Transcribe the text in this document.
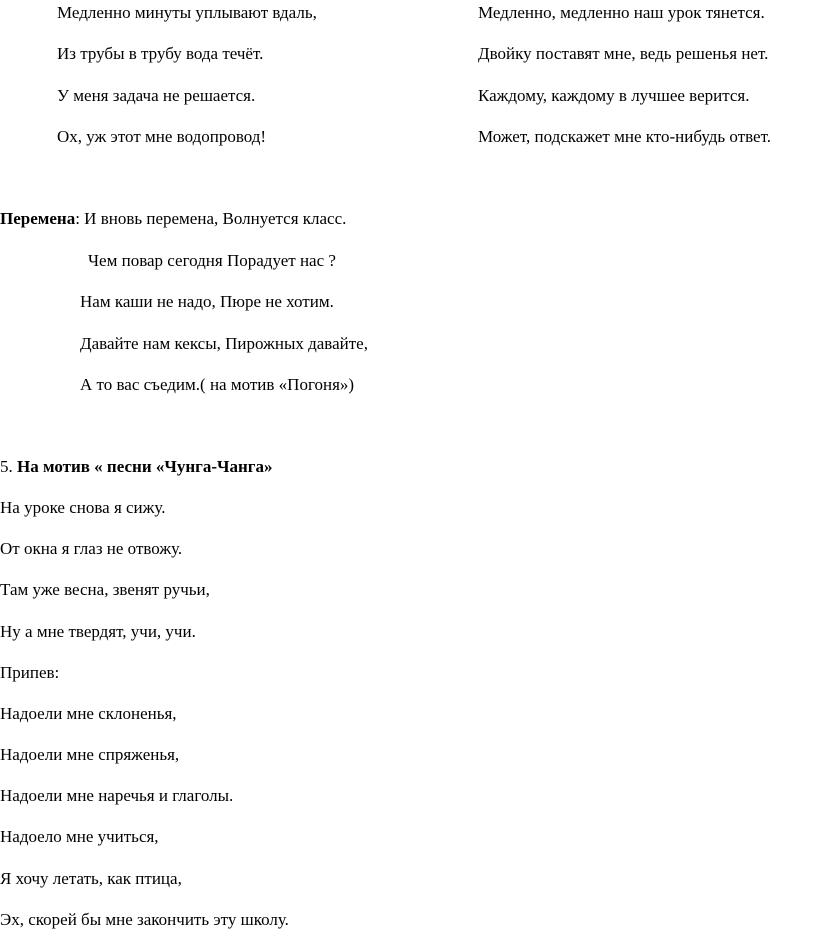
Медленно минуты уплывают вдаль,
Из трубы в трубу вода течёт.
У меня задача не решается.
Ох, уж этот мне водопровод!
Медленно, медленно наш урок тянется.
Двойку поставят мне, ведь решенья нет.
Каждому, каждому в лучшее верится.
Может, подскажет мне кто-нибудь ответ.
Перемена: И вновь перемена, Волнуется класс.
Чем повар сегодня Порадует нас ?
Нам каши не надо, Пюре не хотим.
Давайте нам кексы, Пирожных давайте,
А то вас съедим.( на мотив «Погоня»)
5. На мотив « песни «Чунга-Чанга»
На уроке снова я сижу.
От окна я глаз не отвожу.
Там уже весна, звенят ручьи,
Ну а мне твердят, учи, учи.
Припев:
Надоели мне склоненья,
Надоели мне спряженья,
Надоели мне наречья и глаголы.
Надоело мне учиться,
Я хочу летать, как птица,
Эх, скорей бы мне закончить эту школу.
